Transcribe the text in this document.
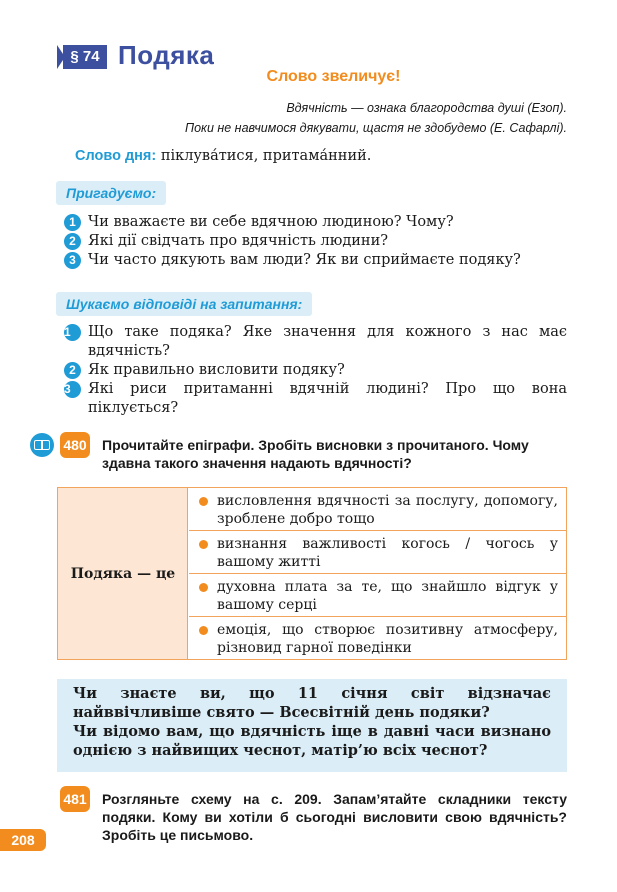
§ 74 Подяка
Слово звеличує!
Вдячність — ознака благородства душі (Езоп).
Поки не навчимося дякувати, щастя не здобудемо (Е. Сафарлі).
Слово дня: піклува́тися, притама́нний.
Пригадуємо:
1 Чи вважаєте ви себе вдячною людиною? Чому?
2 Які дії свідчать про вдячність людини?
3 Чи часто дякують вам люди? Як ви сприймаєте подяку?
Шукаємо відповіді на запитання:
1	Що таке подяка? Яке значення для кожного з нас має вдячність?
2 Як правильно висловити подяку?
3	Які риси притаманні вдячній людині? Про що вона піклується?
480 Прочитайте епіграфи. Зробіть висновки з прочитаного. Чому здавна такого значення надають вдячності?
Подяка — це
висловлення вдячності за послугу, допомогу, зроблене добро тощо
визнання важливості когось / чогось у вашому житті
духовна плата за те, що знайшло відгук у вашому серці
емоція, що створює позитивну атмосферу, різновид гарної поведінки
Чи знаєте ви, що 11 січня світ відзначає найввічливіше свято — Всесвітній день подяки?
Чи відомо вам, що вдячність іще в давні часи визнано однією з найвищих чеснот, матір’ю всіх чеснот?
481 Розгляньте схему на с. 209. Запам’ятайте складники тексту подяки. Кому ви хотіли б сьогодні висловити свою вдячність? Зробіть це письмово.
208
